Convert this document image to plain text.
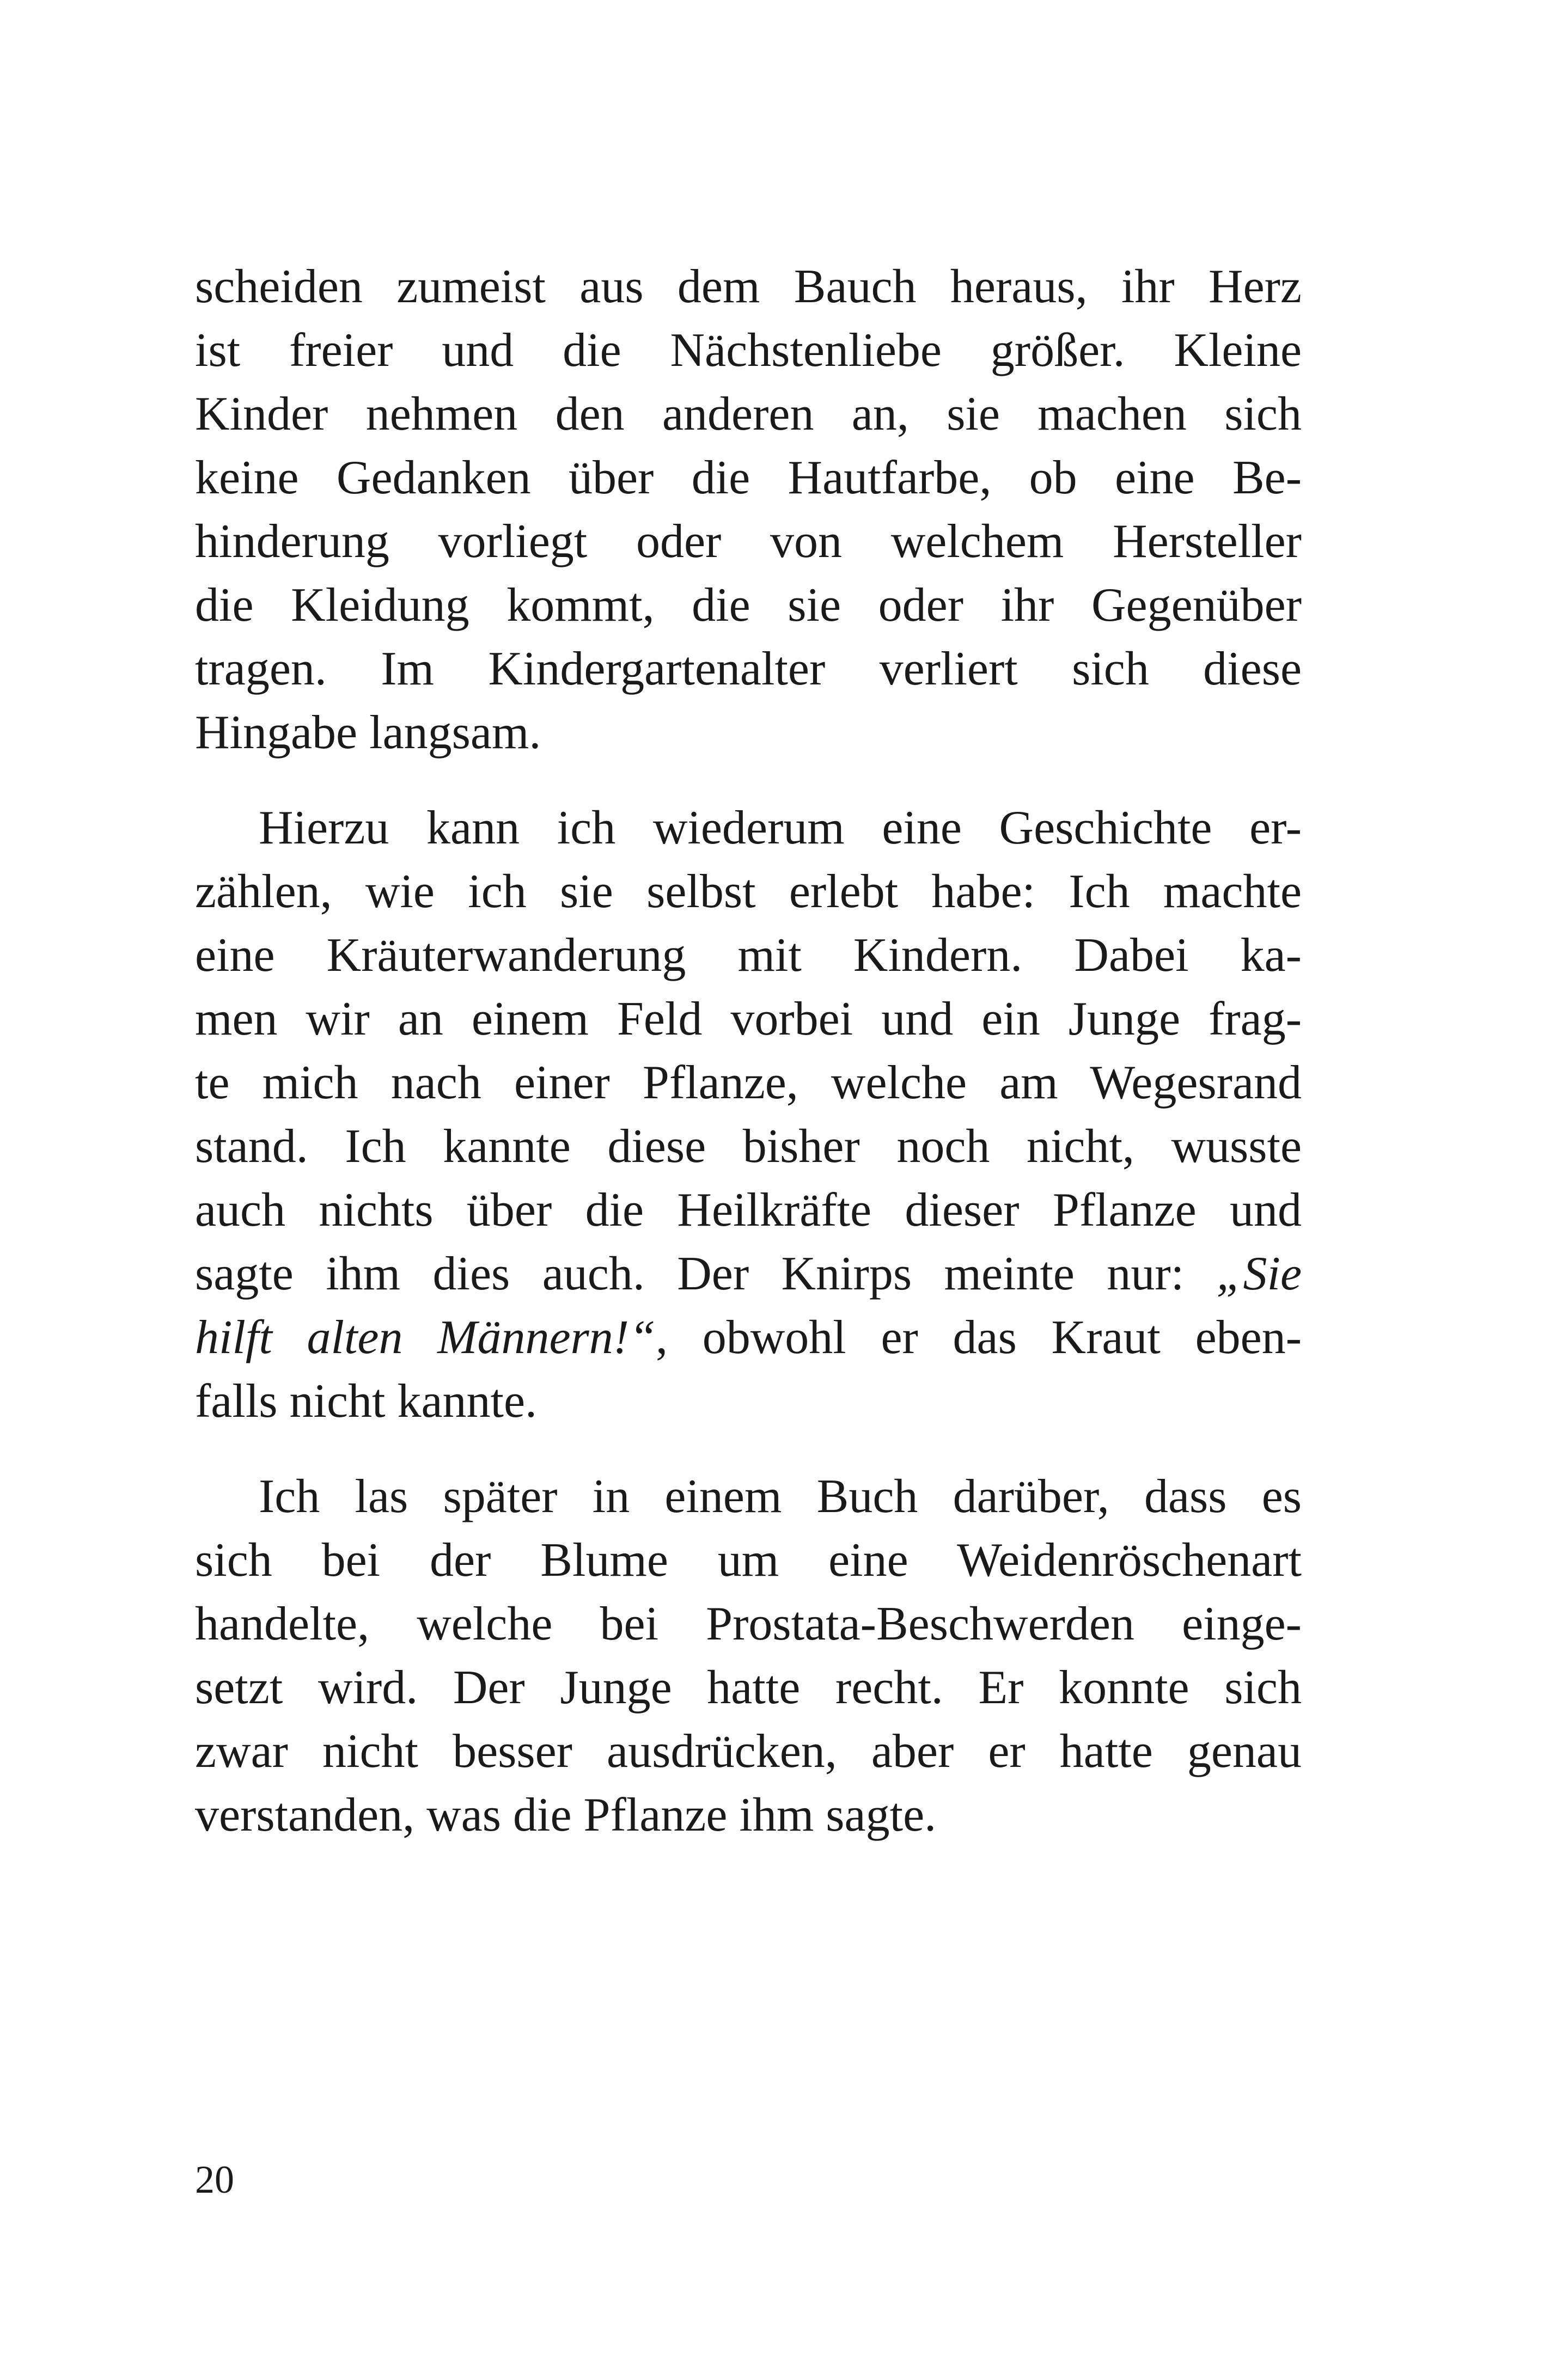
scheiden zumeist aus dem Bauch heraus, ihr Herz
ist freier und die Nächstenliebe größer. Kleine
Kinder nehmen den anderen an, sie machen sich
keine Gedanken über die Hautfarbe, ob eine Be-
hinderung vorliegt oder von welchem Hersteller
die Kleidung kommt, die sie oder ihr Gegenüber
tragen. Im Kindergartenalter verliert sich diese
Hingabe langsam.

Hierzu kann ich wiederum eine Geschichte er-
zählen, wie ich sie selbst erlebt habe: Ich machte
eine Kräuterwanderung mit Kindern. Dabei ka-
men wir an einem Feld vorbei und ein Junge frag-
te mich nach einer Pflanze, welche am Wegesrand
stand. Ich kannte diese bisher noch nicht, wusste
auch nichts über die Heilkräfte dieser Pflanze und
sagte ihm dies auch. Der Knirps meinte nur: „Sie
hilft alten Männern!“, obwohl er das Kraut eben-
falls nicht kannte.

Ich las später in einem Buch darüber, dass es
sich bei der Blume um eine Weidenröschenart
handelte, welche bei Prostata-Beschwerden einge-
setzt wird. Der Junge hatte recht. Er konnte sich
zwar nicht besser ausdrücken, aber er hatte genau
verstanden, was die Pflanze ihm sagte.

20
